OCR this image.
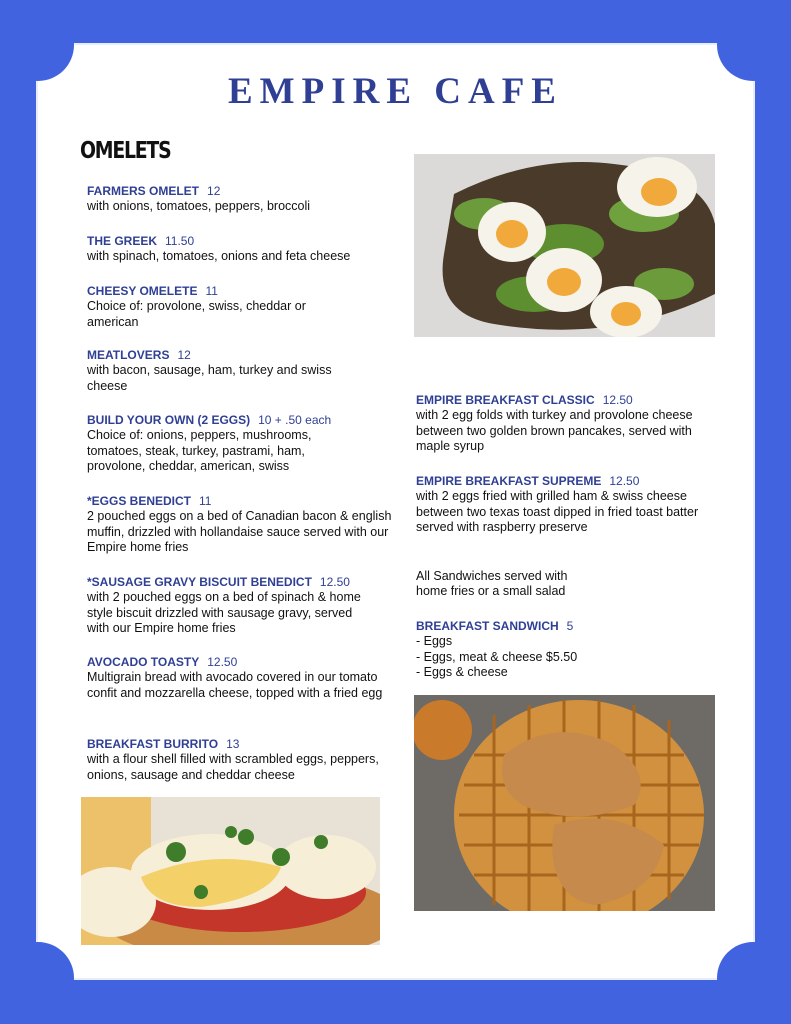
EMPIRE CAFE
OMELETS
FARMERS OMELET 12
with onions, tomatoes, peppers, broccoli
THE GREEK 11.50
with spinach, tomatoes, onions and feta cheese
CHEESY OMELETE 11
Choice of: provolone, swiss, cheddar or american
MEATLOVERS 12
with bacon, sausage, ham, turkey and swiss cheese
BUILD YOUR OWN (2 EGGS) 10 + .50 each
Choice of: onions, peppers, mushrooms, tomatoes, steak, turkey, pastrami, ham, provolone, cheddar, american, swiss
*EGGS BENEDICT 11
2 pouched eggs on a bed of Canadian bacon & english muffin, drizzled with hollandaise sauce served with our Empire home fries
*SAUSAGE GRAVY BISCUIT BENEDICT 12.50
with 2 pouched eggs on a bed of spinach & home style biscuit drizzled with sausage gravy, served with our Empire home fries
AVOCADO TOASTY 12.50
Multigrain bread with avocado covered in our tomato confit and mozzarella cheese, topped with a fried egg
BREAKFAST BURRITO 13
with a flour shell filled with scrambled eggs, peppers, onions, sausage and cheddar cheese
EMPIRE BREAKFAST CLASSIC 12.50
with 2 egg folds with turkey and provolone cheese between two golden brown pancakes, served with maple syrup
EMPIRE BREAKFAST SUPREME 12.50
with 2 eggs fried with grilled ham & swiss cheese between two texas toast dipped in fried toast batter served with raspberry preserve
All Sandwiches served with home fries or a small salad
BREAKFAST SANDWICH 5
- Eggs
- Eggs, meat & cheese $5.50
- Eggs & cheese
